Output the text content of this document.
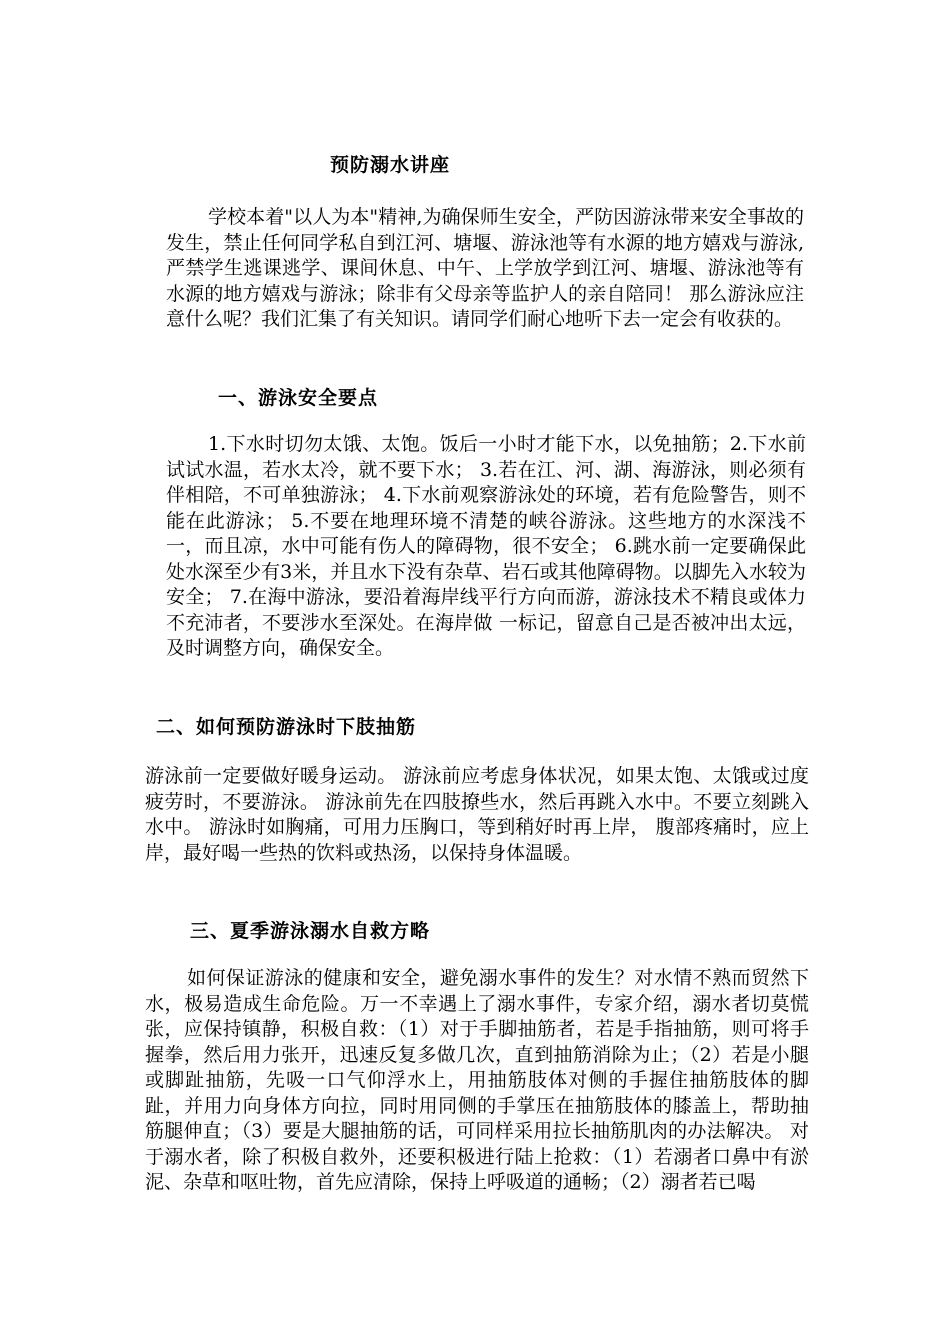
预防溺水讲座
学校本着"以人为本"精神,为确保师生安全，严防因游泳带来安全事故的发生，禁止任何同学私自到江河、塘堰、游泳池等有水源的地方嬉戏与游泳,严禁学生逃课逃学、课间休息、中午、上学放学到江河、塘堰、游泳池等有水源的地方嬉戏与游泳；除非有父母亲等监护人的亲自陪同！ 那么游泳应注意什么呢？我们汇集了有关知识。请同学们耐心地听下去一定会有收获的。
一、游泳安全要点
1.下水时切勿太饿、太饱。饭后一小时才能下水，以免抽筋；2.下水前试试水温，若水太冷，就不要下水； 3.若在江、河、湖、海游泳，则必须有伴相陪，不可单独游泳； 4.下水前观察游泳处的环境，若有危险警告，则不能在此游泳； 5.不要在地理环境不清楚的峡谷游泳。这些地方的水深浅不一，而且凉，水中可能有伤人的障碍物，很不安全； 6.跳水前一定要确保此处水深至少有3米，并且水下没有杂草、岩石或其他障碍物。以脚先入水较为安全； 7.在海中游泳，要沿着海岸线平行方向而游，游泳技术不精良或体力不充沛者，不要涉水至深处。在海岸做 一标记，留意自己是否被冲出太远，及时调整方向，确保安全。
二、如何预防游泳时下肢抽筋
游泳前一定要做好暖身运动。 游泳前应考虑身体状况，如果太饱、太饿或过度疲劳时，不要游泳。 游泳前先在四肢撩些水，然后再跳入水中。不要立刻跳入水中。 游泳时如胸痛，可用力压胸口，等到稍好时再上岸， 腹部疼痛时，应上岸，最好喝一些热的饮料或热汤，以保持身体温暖。
三、夏季游泳溺水自救方略
如何保证游泳的健康和安全，避免溺水事件的发生？对水情不熟而贸然下水，极易造成生命危险。万一不幸遇上了溺水事件，专家介绍，溺水者切莫慌张，应保持镇静，积极自救：（1）对于手脚抽筋者，若是手指抽筋，则可将手握拳，然后用力张开，迅速反复多做几次，直到抽筋消除为止；（2）若是小腿或脚趾抽筋，先吸一口气仰浮水上，用抽筋肢体对侧的手握住抽筋肢体的脚趾，并用力向身体方向拉，同时用同侧的手掌压在抽筋肢体的膝盖上，帮助抽筋腿伸直；（3）要是大腿抽筋的话，可同样采用拉长抽筋肌肉的办法解决。 对于溺水者，除了积极自救外，还要积极进行陆上抢救：（1）若溺者口鼻中有淤泥、杂草和呕吐物，首先应清除，保持上呼吸道的通畅；（2）溺者若已喝
